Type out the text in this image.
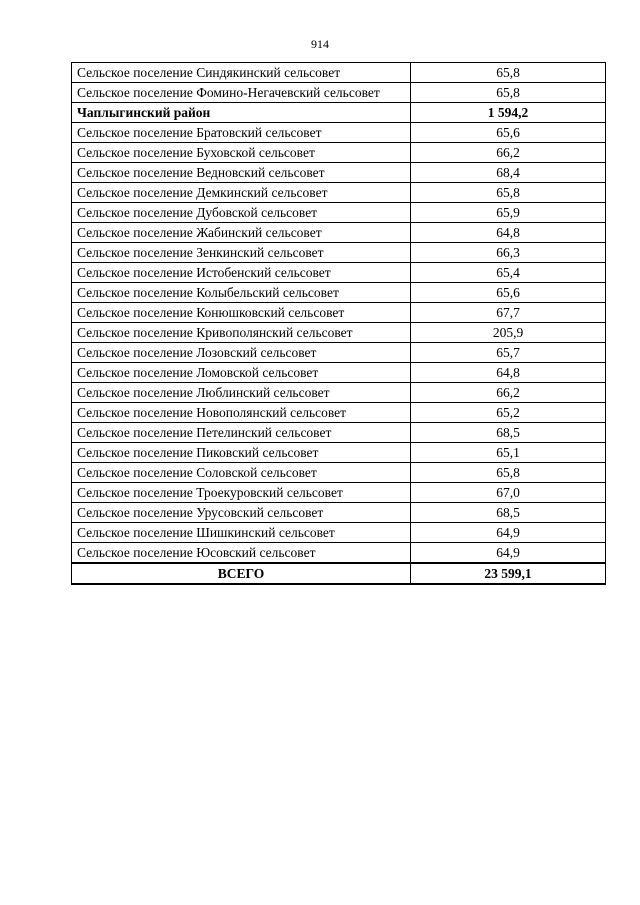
914
Сельское поселение Синдякинский сельсовет	65,8
Сельское поселение Фомино-Негачевский сельсовет	65,8
Чаплыгинский район	1 594,2
Сельское поселение Братовский сельсовет	65,6
Сельское поселение Буховской сельсовет	66,2
Сельское поселение Ведновский сельсовет	68,4
Сельское поселение Демкинский сельсовет	65,8
Сельское поселение Дубовской сельсовет	65,9
Сельское поселение Жабинский сельсовет	64,8
Сельское поселение Зенкинский сельсовет	66,3
Сельское поселение Истобенский сельсовет	65,4
Сельское поселение Колыбельский сельсовет	65,6
Сельское поселение Конюшковский сельсовет	67,7
Сельское поселение Кривополянский сельсовет	205,9
Сельское поселение Лозовский сельсовет	65,7
Сельское поселение Ломовской сельсовет	64,8
Сельское поселение Люблинский сельсовет	66,2
Сельское поселение Новополянский сельсовет	65,2
Сельское поселение Петелинский сельсовет	68,5
Сельское поселение Пиковский сельсовет	65,1
Сельское поселение Соловской сельсовет	65,8
Сельское поселение Троекуровский сельсовет	67,0
Сельское поселение Урусовский сельсовет	68,5
Сельское поселение Шишкинский сельсовет	64,9
Сельское поселение Юсовский сельсовет	64,9
ВСЕГО	23 599,1
